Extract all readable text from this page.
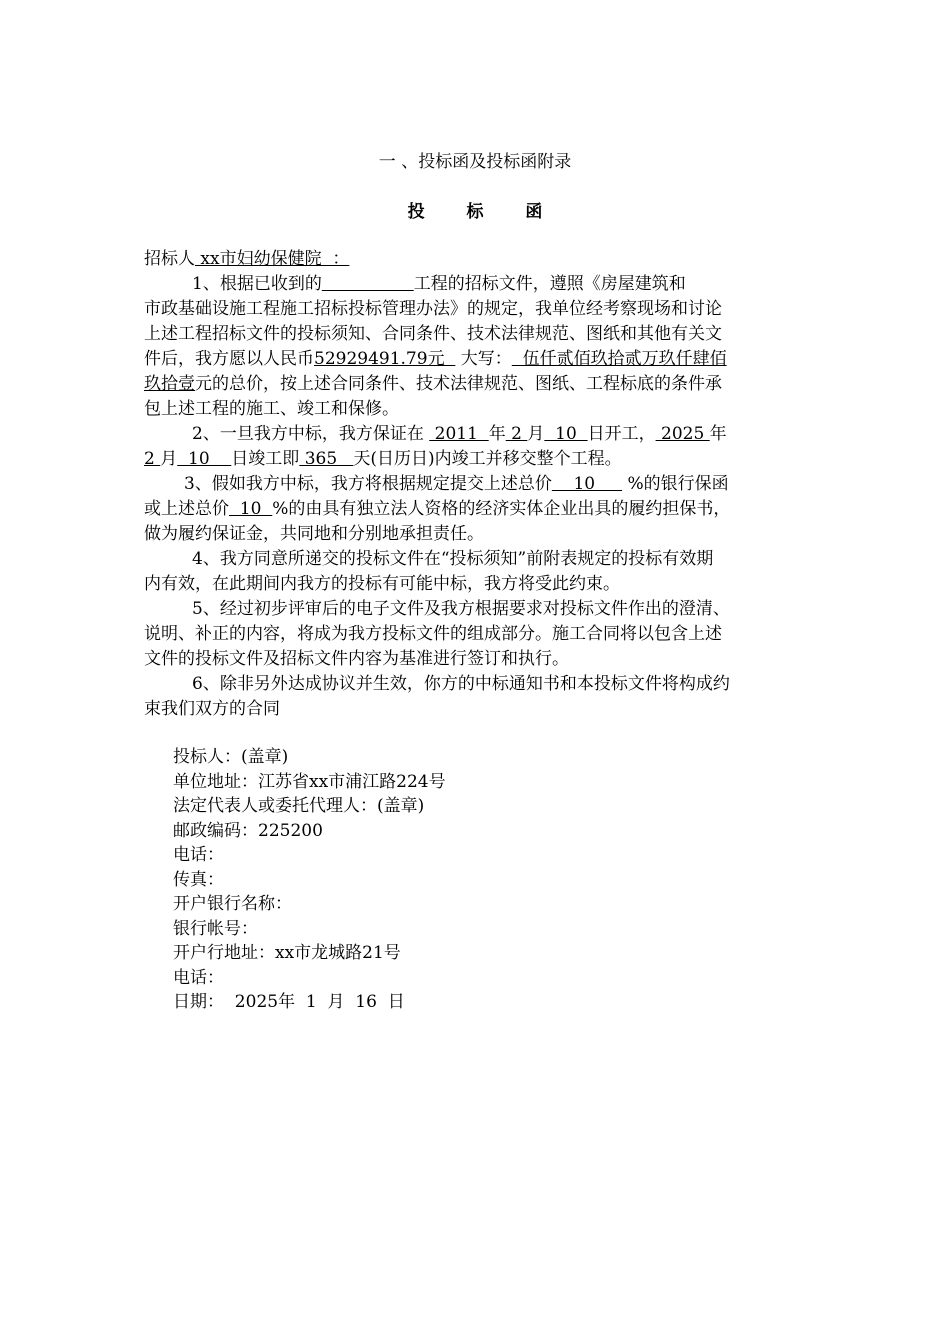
一 、投标函及投标函附录
投 标 函
招标人 xx市妇幼保健院  ：
1、根据已收到的	工程的招标文件，遵照《房屋建筑和
市政基础设施工程施工招标投标管理办法》的规定，我单位经考察现场和讨论
上述工程招标文件的投标须知、合同条件、技术法律规范、图纸和其他有关文
件后，我方愿以人民币52929491.79元   大写：  伍仟贰佰玖拾贰万玖仟肆佰
玖拾壹元的总价，按上述合同条件、技术法律规范、图纸、工程标底的条件承
包上述工程的施工、竣工和保修。
2、一旦我方中标，我方保证在  2011  年 2 月  10  日开工， 2025 年
2 月  10    日竣工即 365   天(日历日)内竣工并移交整个工程。
3、假如我方中标，我方将根据规定提交上述总价    10      %的银行保函
或上述总价  10  %的由具有独立法人资格的经济实体企业出具的履约担保书，
做为履约保证金，共同地和分别地承担责任。
4、我方同意所递交的投标文件在“投标须知”前附表规定的投标有效期
内有效，在此期间内我方的投标有可能中标，我方将受此约束。
5、经过初步评审后的电子文件及我方根据要求对投标文件作出的澄清、
说明、补正的内容，将成为我方投标文件的组成部分。施工合同将以包含上述
文件的投标文件及招标文件内容为基准进行签订和执行。
6、除非另外达成协议并生效，你方的中标通知书和本投标文件将构成约
束我们双方的合同
投标人：(盖章)
单位地址：江苏省xx市浦江路224号
法定代表人或委托代理人：(盖章)
邮政编码：225200
电话：
传真：
开户银行名称：
银行帐号：
开户行地址：xx市龙城路21号
电话：
日期：  2025年  1  月  16  日
